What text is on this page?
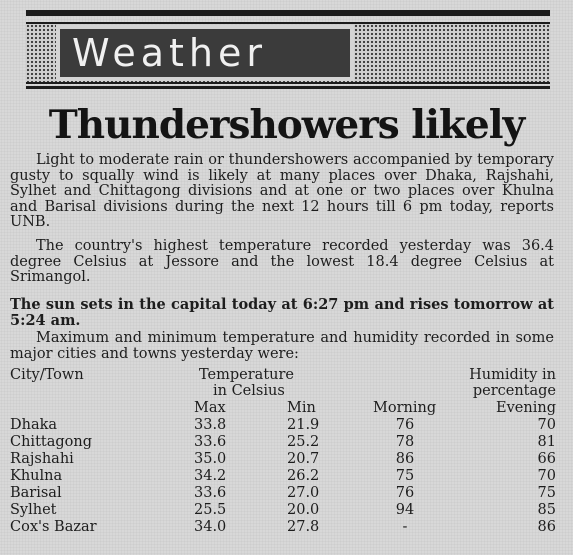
Weather
Thundershowers likely
Light to moderate rain or thundershowers accompanied by temporary gusty to squally wind is likely at many places over Dhaka, Rajshahi, Sylhet and Chittagong divisions and at one or two places over Khulna and Barisal divisions during the next 12 hours till 6 pm today, reports UNB.
The country's highest temperature recorded yesterday was 36.4 degree Celsius at Jessore and the lowest 18.4 degree Celsius at Srimangol.
The sun sets in the capital today at 6:27 pm and rises tomorrow at 5:24 am.
Maximum and minimum temperature and humidity recorded in some major cities and towns yesterday were:
City/Town	Temperature	Humidity in
in Celsius	percentage
Max	Min	Morning	Evening
Dhaka	33.8	21.9	76	70
Chittagong	33.6	25.2	78	81
Rajshahi	35.0	20.7	86	66
Khulna	34.2	26.2	75	70
Barisal	33.6	27.0	76	75
Sylhet	25.5	20.0	94	85
Cox's Bazar	34.0	27.8	-	86
